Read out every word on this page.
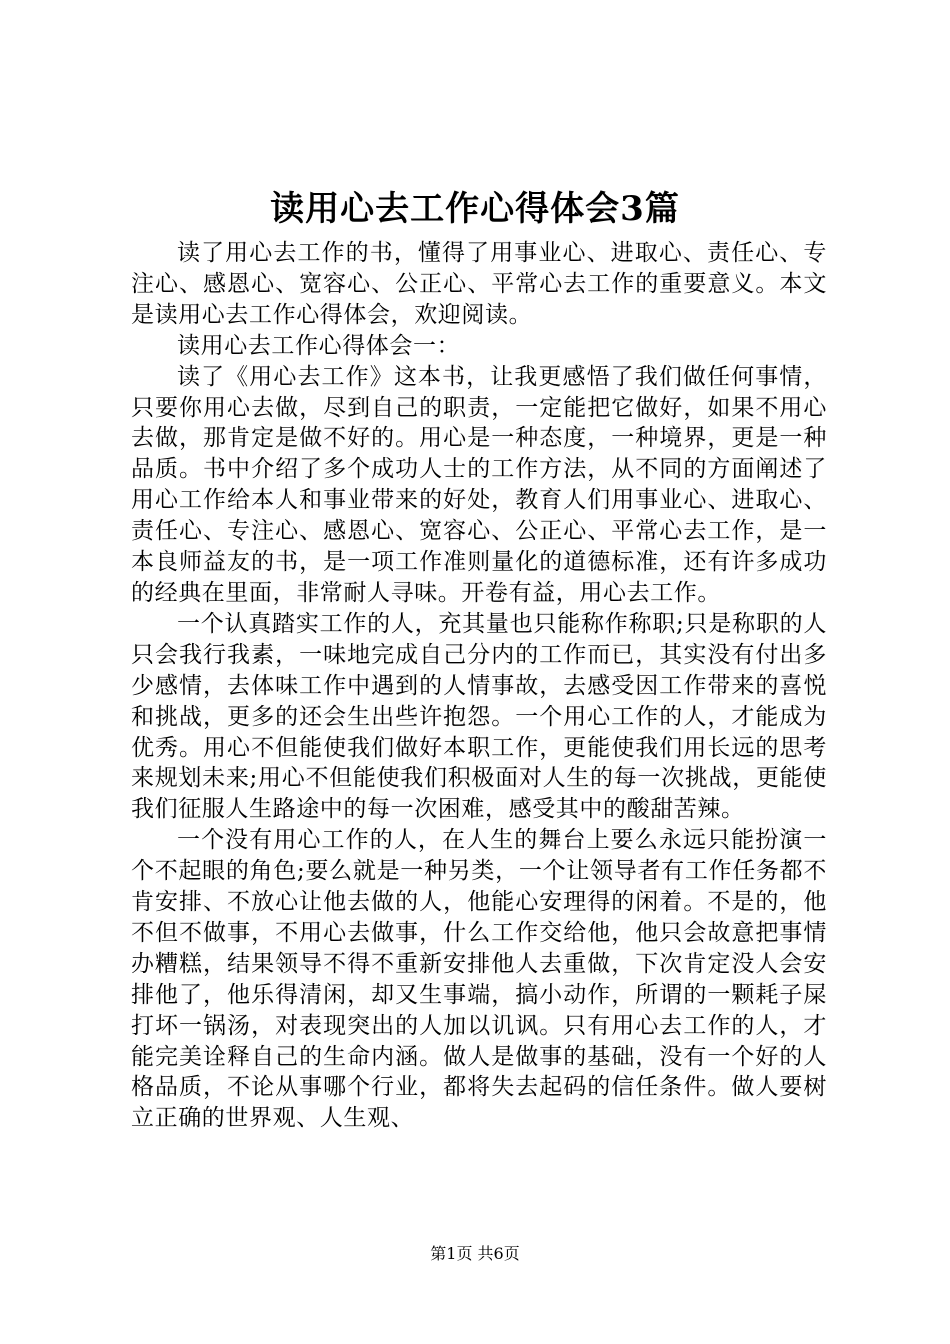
读用心去工作心得体会3篇

读了用心去工作的书，懂得了用事业心、进取心、责任心、专注心、感恩心、宽容心、公正心、平常心去工作的重要意义。本文是读用心去工作心得体会，欢迎阅读。

读用心去工作心得体会一：

读了《用心去工作》这本书，让我更感悟了我们做任何事情，只要你用心去做，尽到自己的职责，一定能把它做好，如果不用心去做，那肯定是做不好的。用心是一种态度，一种境界，更是一种品质。书中介绍了多个成功人士的工作方法，从不同的方面阐述了用心工作给本人和事业带来的好处，教育人们用事业心、进取心、责任心、专注心、感恩心、宽容心、公正心、平常心去工作，是一本良师益友的书，是一项工作准则量化的道德标准，还有许多成功的经典在里面，非常耐人寻味。开卷有益，用心去工作。

一个认真踏实工作的人，充其量也只能称作称职;只是称职的人只会我行我素，一味地完成自己分内的工作而已，其实没有付出多少感情，去体味工作中遇到的人情事故，去感受因工作带来的喜悦和挑战，更多的还会生出些许抱怨。一个用心工作的人，才能成为优秀。用心不但能使我们做好本职工作，更能使我们用长远的思考来规划未来;用心不但能使我们积极面对人生的每一次挑战，更能使我们征服人生路途中的每一次困难，感受其中的酸甜苦辣。

一个没有用心工作的人，在人生的舞台上要么永远只能扮演一个不起眼的角色;要么就是一种另类，一个让领导者有工作任务都不肯安排、不放心让他去做的人，他能心安理得的闲着。不是的，他不但不做事，不用心去做事，什么工作交给他，他只会故意把事情办糟糕，结果领导不得不重新安排他人去重做，下次肯定没人会安排他了，他乐得清闲，却又生事端，搞小动作，所谓的一颗耗子屎打坏一锅汤，对表现突出的人加以讥讽。只有用心去工作的人，才能完美诠释自己的生命内涵。做人是做事的基础，没有一个好的人格品质，不论从事哪个行业，都将失去起码的信任条件。做人要树立正确的世界观、人生观、

第1页 共6页
